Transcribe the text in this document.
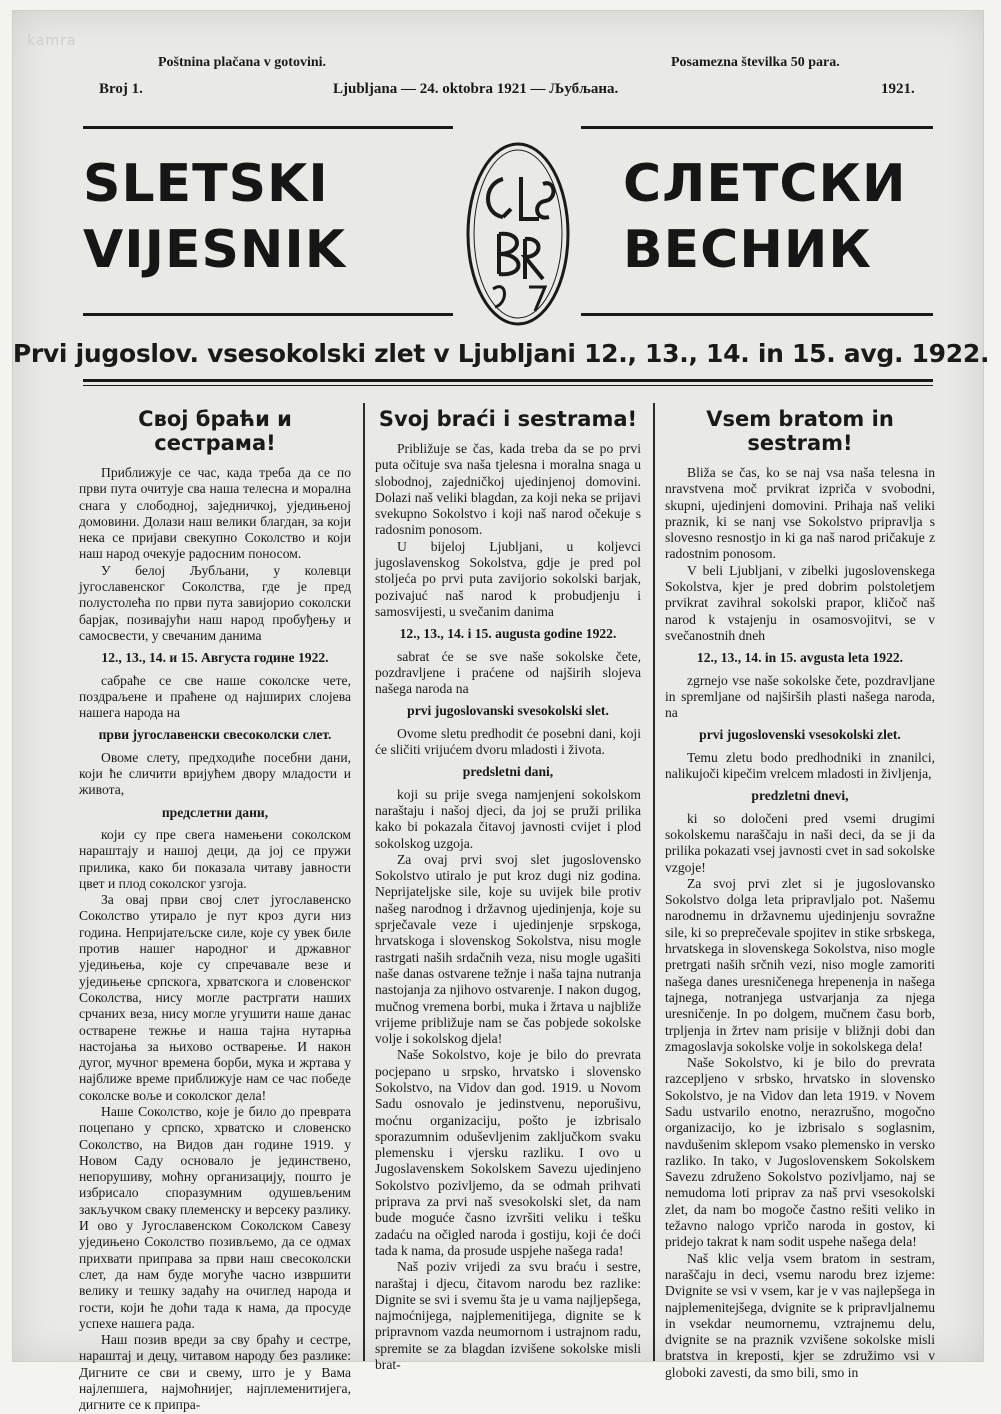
kamra
Poštnina plačana v gotovini.	Posamezna številka 50 para.
Broj 1.	Ljubljana — 24. oktobra 1921 — Љубљана.	1921.
SLETSKI
VIJESNIK
СЛЕТСКИ
ВЕСНИК
Prvi jugoslov. vsesokolski zlet v Ljubljani 12., 13., 14. in 15. avg. 1922.
Свој браћи и сестрама!

Приближује се час, када треба да се по први пута очитује сва наша телесна и морална снага у слободној, заједничкој, уједињеној домовини. Долази наш велики благдан, за који нека се пријави свекупно Соколство и који наш народ очекује радосним поносом.

У белој Љубљани, у колевци југославенског Соколства, где је пред полустолећа по први пута завијорио соколски барјак, позивајући наш народ пробуђењу и самосвести, у свечаним данима

12., 13., 14. и 15. Августа године 1922.

сабраће се све наше соколске чете, поздраљене и праћене од најширих слојева нашега народа на

први југославенски свесоколски слет.

Овоме слету, предходиће посебни дани, који ће сличити вријућем двору младости и живота,

предслетни дани,

који су пре свега намењени соколском нараштају и нашој деци, да јој се пружи прилика, како би показала читаву јавности цвет и плод соколског узгоја.

За овај први свој слет југославенско Соколство утирало је пут кроз дуги низ година. Непријатељске силе, које су увек биле против нашег народног и државног уједињења, које су спречавале везе и уједињење српскога, хрватскога и словенског Соколства, нису могле растргати наших срчаних веза, нису могле угушити наше данас остварене тежње и наша тајна нутарња настојања за њихово остварење. И након дугог, мучног времена борби, мука и жртава у најближе време приближује нам се час победе соколске воље и соколског дела!

Наше Соколство, које је било до преврата поцепано у српско, хрватско и словенско Соколство, на Видов дан године 1919. у Новом Саду основало је јединствено, непорушиву, моћну организацију, пошто је избрисало споразумним одушевљеним закључком сваку племенску и версеку разлику. И ово у Југославенском Соколском Савезу уједињено Соколство позивљемо, да се одмах прихвати приправа за први наш свесоколски слет, да нам буде могуће часно извршити велику и тешку задаћу на очиглед народа и гости, који ће доћи тада к нама, да просуде успехе нашега рада.

Наш позив вреди за сву браћу и сестре, нараштај и децу, читавом народу без разлике: Дигните се сви и свему, што је у Вама најлепшега, најмоћнијег, најплеменитијега, дигните се к припра-

Svoj braći i sestrama!

Približuje se čas, kada treba da se po prvi puta očituje sva naša tjelesna i moralna snaga u slobodnoj, zajedničkoj ujedinjenoj domovini. Dolazi naš veliki blagdan, za koji neka se prijavi svekupno Sokolstvo i koji naš narod očekuje s radosnim ponosom.

U bijeloj Ljubljani, u koljevci jugoslavenskog Sokolstva, gdje je pred pol stoljeća po prvi puta zavijorio sokolski barjak, pozivajuć naš narod k probudjenju i samosvijesti, u svečanim danima

12., 13., 14. i 15. augusta godine 1922.

sabrat će se sve naše sokolske čete, pozdravljene i praćene od najširih slojeva našega naroda na

prvi jugoslovanski svesokolski slet.

Ovome sletu predhodit će posebni dani, koji će sličiti vrijućem dvoru mladosti i života.

predsletni dani,

koji su prije svega namjenjeni sokolskom naraštaju i našoj djeci, da joj se pruži prilika kako bi pokazala čitavoj javnosti cvijet i plod sokolskog uzgoja.

Za ovaj prvi svoj slet jugoslovensko Sokolstvo utiralo je put kroz dugi niz godina. Neprijateljske sile, koje su uvijek bile protiv našeg narodnog i državnog ujedinjenja, koje su sprječavale veze i ujedinjenje srpskoga, hrvatskoga i slovenskog Sokolstva, nisu mogle rastrgati naših srdačnih veza, nisu mogle ugašiti naše danas ostvarene težnje i naša tajna nutranja nastojanja za njihovo ostvarenje. I nakon dugog, mučnog vremena borbi, muka i žrtava u najbliže vrijeme približuje nam se čas pobjede sokolske volje i sokolskog djela!

Naše Sokolstvo, koje je bilo do prevrata pocjepano u srpsko, hrvatsko i slovensko Sokolstvo, na Vidov dan god. 1919. u Novom Sadu osnovalo je jedinstvenu, neporušivu, moćnu organizaciju, pošto je izbrisalo sporazumnim oduševljenim zaključkom svaku plemensku i vjersku razliku. I ovo u Jugoslavenskem Sokolskem Savezu ujedinjeno Sokolstvo pozivljemo, da se odmah prihvati priprava za prvi naš svesokolski slet, da nam bude moguće časno izvršiti veliku i tešku zadaću na očigled naroda i gostiju, koji će doći tada k nama, da prosude uspjehe našega rada!

Naš poziv vrijedi za svu braću i sestre, naraštaj i djecu, čitavom narodu bez razlike: Dignite se svi i svemu šta je u vama najljepšega, najmoćnijega, najplemenitijega, dignite se k pripravnom vazda neumornom i ustrajnom radu, spremite se za blagdan izvišene sokolske misli brat-

Vsem bratom in sestram!

Bliža se čas, ko se naj vsa naša telesna in nravstvena moč prvikrat izpriča v svobodni, skupni, ujedinjeni domovini. Prihaja naš veliki praznik, ki se nanj vse Sokolstvo pripravlja s slovesno resnostjo in ki ga naš narod pričakuje z radostnim ponosom.

V beli Ljubljani, v zibelki jugoslovenskega Sokolstva, kjer je pred dobrim polstoletjem prvikrat zavihral sokolski prapor, kličoč naš narod k vstajenju in osamosvojitvi, se v svečanostnih dneh

12., 13., 14. in 15. avgusta leta 1922.

zgrnejo vse naše sokolske čete, pozdravljane in spremljane od najširših plasti našega naroda, na

prvi jugoslovenski vsesokolski zlet.

Temu zletu bodo predhodniki in znanilci, nalikujoči kipečim vrelcem mladosti in življenja,

predzletni dnevi,

ki so določeni pred vsemi drugimi sokolskemu naraščaju in naši deci, da se ji da prilika pokazati vsej javnosti cvet in sad sokolske vzgoje!

Za svoj prvi zlet si je jugoslovansko Sokolstvo dolga leta pripravljalo pot. Našemu narodnemu in državnemu ujedinjenju sovražne sile, ki so preprečevale spojitev in stike srbskega, hrvatskega in slovenskega Sokolstva, niso mogle pretrgati naših srčnih vezi, niso mogle zamoriti našega danes uresničenega hrepenenja in našega tajnega, notranjega ustvarjanja za njega uresničenje. In po dolgem, mučnem času borb, trpljenja in žrtev nam prisije v bližnji dobi dan zmagoslavja sokolske volje in sokolskega dela!

Naše Sokolstvo, ki je bilo do prevrata razcepljeno v srbsko, hrvatsko in slovensko Sokolstvo, je na Vidov dan leta 1919. v Novem Sadu ustvarilo enotno, nerazrušno, mogočno organizacijo, ko je izbrisalo s soglasnim, navdušenim sklepom vsako plemensko in versko razliko. In tako, v Jugoslovenskem Sokolskem Savezu združeno Sokolstvo pozivljamo, naj se nemudoma loti priprav za naš prvi vsesokolski zlet, da nam bo mogoče častno rešiti veliko in težavno nalogo vpričo naroda in gostov, ki pridejo takrat k nam sodit uspehe našega dela!

Naš klic velja vsem bratom in sestram, naraščaju in deci, vsemu narodu brez izjeme: Dvignite se vsi v vsem, kar je v vas najlepšega in najplemenitejšega, dvignite se k pripravljalnemu in vsekdar neumornemu, vztrajnemu delu, dvignite se na praznik vzvišene sokolske misli bratstva in kreposti, kjer se združimo vsi v globoki zavesti, da smo bili, smo in
